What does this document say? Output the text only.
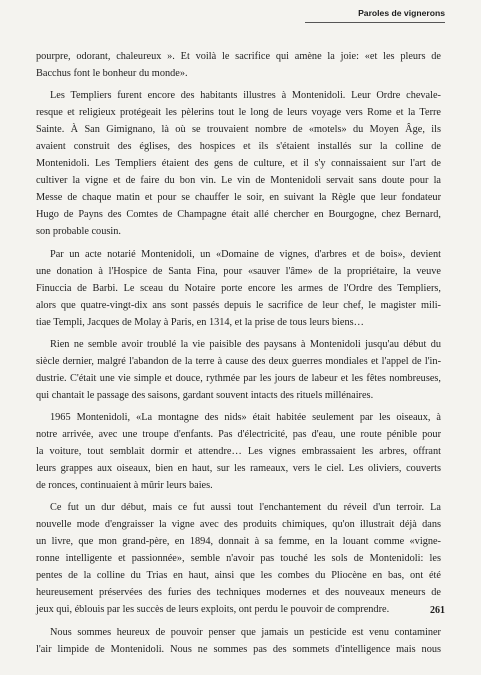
Paroles de vignerons
pourpre, odorant, chaleureux ». Et voilà le sacrifice qui amène la joie: «et les pleurs de
Bacchus font le bonheur du monde».
Les Templiers furent encore des habitants illustres à Montenidoli. Leur Ordre chevale-
resque et religieux protégeait les pèlerins tout le long de leurs voyage vers Rome et la Terre
Sainte. À San Gimignano, là où se trouvaient nombre de «motels» du Moyen Âge, ils
avaient construit des églises, des hospices et ils s'étaient installés sur la colline de
Montenidoli. Les Templiers étaient des gens de culture, et il s'y connaissaient sur l'art de
cultiver la vigne et de faire du bon vin. Le vin de Montenidoli servait sans doute pour la
Messe de chaque matin et pour se chauffer le soir, en suivant la Règle que leur fondateur
Hugo de Payns des Comtes de Champagne était allé chercher en Bourgogne, chez Bernard,
son probable cousin.
Par un acte notarié Montenidoli, un «Domaine de vignes, d'arbres et de bois», devient
une donation à l'Hospice de Santa Fina, pour «sauver l'âme» de la propriétaire, la veuve
Finuccia de Barbi. Le sceau du Notaire porte encore les armes de l'Ordre des Templiers,
alors que quatre-vingt-dix ans sont passés depuis le sacrifice de leur chef, le magister mili-
tiae Templi, Jacques de Molay à Paris, en 1314, et la prise de tous leurs biens…
Rien ne semble avoir troublé la vie paisible des paysans à Montenidoli jusqu'au début du
siècle dernier, malgré l'abandon de la terre à cause des deux guerres mondiales et l'appel de l'in-
dustrie. C'était une vie simple et douce, rythmée par les jours de labeur et les fêtes nombreuses,
qui chantait le passage des saisons, gardant souvent intacts des rituels millénaires.
1965 Montenidoli, «La montagne des nids» était habitée seulement par les oiseaux, à
notre arrivée, avec une troupe d'enfants. Pas d'électricité, pas d'eau, une route pénible pour
la voiture, tout semblait dormir et attendre… Les vignes embrassaient les arbres, offrant
leurs grappes aux oiseaux, bien en haut, sur les rameaux, vers le ciel. Les oliviers, couverts
de ronces, continuaient à mûrir leurs baies.
Ce fut un dur début, mais ce fut aussi tout l'enchantement du réveil d'un terroir. La
nouvelle mode d'engraisser la vigne avec des produits chimiques, qu'on illustrait déjà dans
un livre, que mon grand-père, en 1894, donnait à sa femme, en la louant comme «vigne-
ronne intelligente et passionnée», semble n'avoir pas touché les sols de Montenidoli: les
pentes de la colline du Trias en haut, ainsi que les combes du Pliocène en bas, ont été
heureusement préservées des furies des techniques modernes et des nouveaux meneurs de
jeux qui, éblouis par les succès de leurs exploits, ont perdu le pouvoir de comprendre.
Nous sommes heureux de pouvoir penser que jamais un pesticide est venu contaminer
l'air limpide de Montenidoli. Nous ne sommes pas des sommets d'intelligence mais nous
261
